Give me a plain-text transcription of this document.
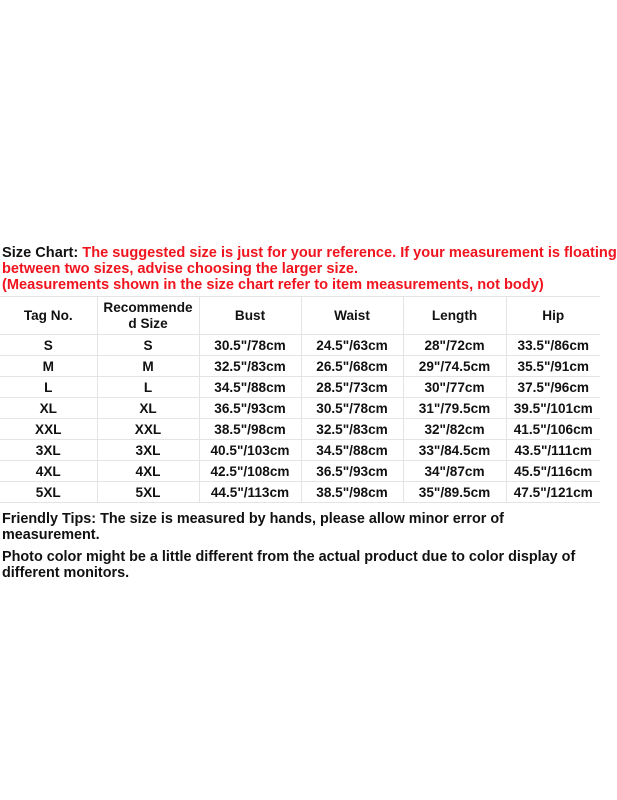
Size Chart: The suggested size is just for your reference. If your measurement is floating
between two sizes, advise choosing the larger size.
(Measurements shown in the size chart refer to item measurements, not body)
Tag No.	Recommende d Size	Bust	Waist	Length	Hip
S	S	30.5"/78cm	24.5"/63cm	28"/72cm	33.5"/86cm
M	M	32.5"/83cm	26.5"/68cm	29"/74.5cm	35.5"/91cm
L	L	34.5"/88cm	28.5"/73cm	30"/77cm	37.5"/96cm
XL	XL	36.5"/93cm	30.5"/78cm	31"/79.5cm	39.5"/101cm
XXL	XXL	38.5"/98cm	32.5"/83cm	32"/82cm	41.5"/106cm
3XL	3XL	40.5"/103cm	34.5"/88cm	33"/84.5cm	43.5"/111cm
4XL	4XL	42.5"/108cm	36.5"/93cm	34"/87cm	45.5"/116cm
5XL	5XL	44.5"/113cm	38.5"/98cm	35"/89.5cm	47.5"/121cm

Friendly Tips: The size is measured by hands, please allow minor error of measurement.

Photo color might be a little different from the actual product due to color display of different monitors.
